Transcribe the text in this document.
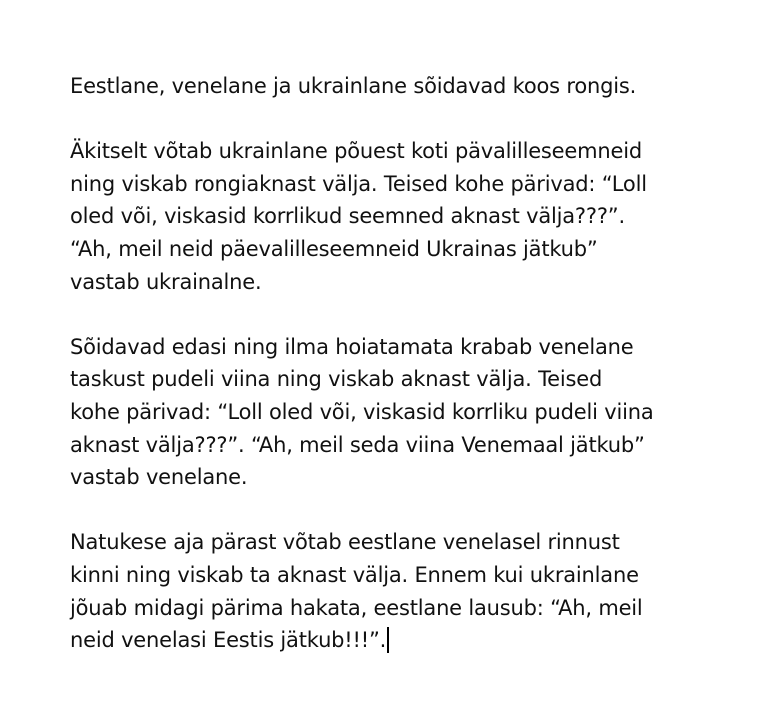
Eestlane, venelane ja ukrainlane sõidavad koos rongis.

Äkitselt võtab ukrainlane põuest koti pävalilleseemneid
ning viskab rongiaknast välja. Teised kohe pärivad: “Loll
oled või, viskasid korrlikud seemned aknast välja???”.
“Ah, meil neid päevalilleseemneid Ukrainas jätkub”
vastab ukrainalne.

Sõidavad edasi ning ilma hoiatamata krabab venelane
taskust pudeli viina ning viskab aknast välja. Teised
kohe pärivad: “Loll oled või, viskasid korrliku pudeli viina
aknast välja???”. “Ah, meil seda viina Venemaal jätkub”
vastab venelane.

Natukese aja pärast võtab eestlane venelasel rinnust
kinni ning viskab ta aknast välja. Ennem kui ukrainlane
jõuab midagi pärima hakata, eestlane lausub: “Ah, meil
neid venelasi Eestis jätkub!!!”.
